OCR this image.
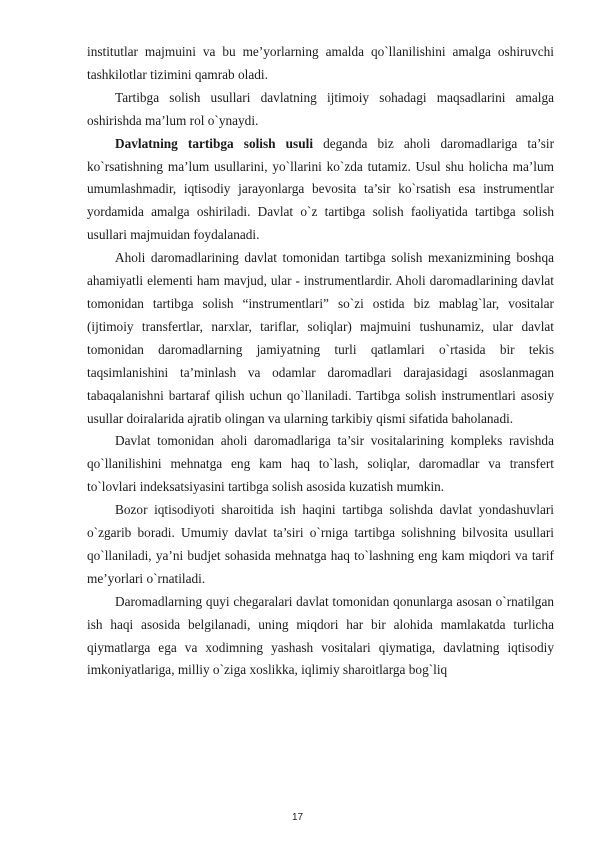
institutlar majmuini va bu me’yorlarning amalda qo`llanilishini amalga oshiruvchi tashkilotlar tizimini qamrab oladi.

Tartibga solish usullari davlatning ijtimoiy sohadagi maqsadlarini amalga oshirishda ma’lum rol o`ynaydi.

Davlatning tartibga solish usuli deganda biz aholi daromadlariga ta’sir ko`rsatishning ma’lum usullarini, yo`llarini ko`zda tutamiz. Usul shu holicha ma’lum umumlashmadir, iqtisodiy jarayonlarga bevosita ta’sir ko`rsatish esa instrumentlar yordamida amalga oshiriladi. Davlat o`z tartibga solish faoliyatida tartibga solish usullari majmuidan foydalanadi.

Aholi daromadlarining davlat tomonidan tartibga solish mexanizmining boshqa ahamiyatli elementi ham mavjud, ular - instrumentlardir. Aholi daromadlarining davlat tomonidan tartibga solish “instrumentlari” so`zi ostida biz mablag`lar, vositalar (ijtimoiy transfertlar, narxlar, tariflar, soliqlar) majmuini tushunamiz, ular davlat tomonidan daromadlarning jamiyatning turli qatlamlari o`rtasida bir tekis taqsimlanishini ta’minlash va odamlar daromadlari darajasidagi asoslanmagan tabaqalanishni bartaraf qilish uchun qo`llaniladi. Tartibga solish instrumentlari asosiy usullar doiralarida ajratib olingan va ularning tarkibiy qismi sifatida baholanadi.

Davlat tomonidan aholi daromadlariga ta’sir vositalarining kompleks ravishda qo`llanilishini mehnatga eng kam haq to`lash, soliqlar, daromadlar va transfert to`lovlari indeksatsiyasini tartibga solish asosida kuzatish mumkin.

Bozor iqtisodiyoti sharoitida ish haqini tartibga solishda davlat yondashuvlari o`zgarib boradi. Umumiy davlat ta’siri o`rniga tartibga solishning bilvosita usullari qo`llaniladi, ya’ni budjet sohasida mehnatga haq to`lashning eng kam miqdori va tarif me’yorlari o`rnatiladi.

Daromadlarning quyi chegaralari davlat tomonidan qonunlarga asosan o`rnatilgan ish haqi asosida belgilanadi, uning miqdori har bir alohida mamlakatda turlicha qiymatlarga ega va xodimning yashash vositalari qiymatiga, davlatning iqtisodiy imkoniyatlariga, milliy o`ziga xoslikka, iqlimiy sharoitlarga bog`liq

17
